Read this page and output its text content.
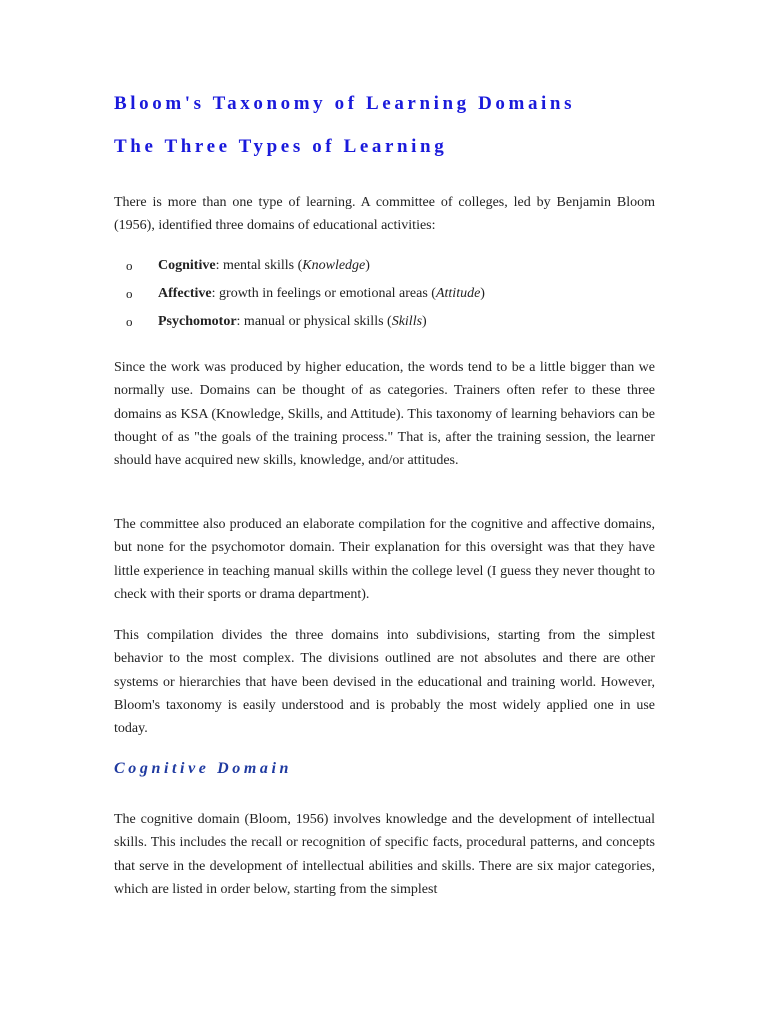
Bloom's Taxonomy of Learning Domains
The Three Types of Learning

There is more than one type of learning. A committee of colleges, led by Benjamin Bloom (1956), identified three domains of educational activities:

o Cognitive: mental skills (Knowledge)
o Affective: growth in feelings or emotional areas (Attitude)
o Psychomotor: manual or physical skills (Skills)

Since the work was produced by higher education, the words tend to be a little bigger than we normally use. Domains can be thought of as categories. Trainers often refer to these three domains as KSA (Knowledge, Skills, and Attitude). This taxonomy of learning behaviors can be thought of as "the goals of the training process." That is, after the training session, the learner should have acquired new skills, knowledge, and/or attitudes.

The committee also produced an elaborate compilation for the cognitive and affective domains, but none for the psychomotor domain. Their explanation for this oversight was that they have little experience in teaching manual skills within the college level (I guess they never thought to check with their sports or drama department).

This compilation divides the three domains into subdivisions, starting from the simplest behavior to the most complex. The divisions outlined are not absolutes and there are other systems or hierarchies that have been devised in the educational and training world. However, Bloom's taxonomy is easily understood and is probably the most widely applied one in use today.

Cognitive Domain

The cognitive domain (Bloom, 1956) involves knowledge and the development of intellectual skills. This includes the recall or recognition of specific facts, procedural patterns, and concepts that serve in the development of intellectual abilities and skills. There are six major categories, which are listed in order below, starting from the simplest
